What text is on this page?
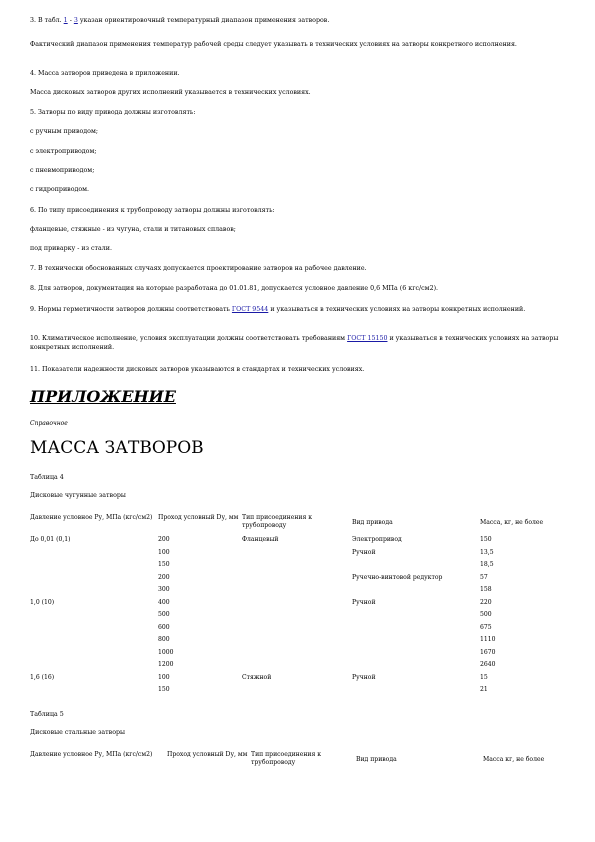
3. В табл. 1 - 3 указан ориентировочный температурный диапазон применения затворов.
Фактический диапазон применения температур рабочей среды следует указывать в технических условиях на затворы конкретного исполнения.
4. Масса затворов приведена в приложении.
Масса дисковых затворов других исполнений указывается в технических условиях.
5. Затворы по виду привода должны изготовлять:
с ручным приводом;
с электроприводом;
с пневмоприводом;
с гидроприводом.
6. По типу присоединения к трубопроводу затворы должны изготовлять:
фланцевые, стяжные - из чугуна, стали и титановых сплавов;
под приварку - из стали.
7. В технически обоснованных случаях допускается проектирование затворов на рабочее давление.
8. Для затворов, документация на которые разработана до 01.01.81, допускается условное давление 0,6 МПа (6 кгс/см2).
9. Нормы герметичности затворов должны соответствовать ГОСТ 9544 и указываться в технических условиях на затворы конкретных исполнений.
10. Климатическое исполнение, условия эксплуатации должны соответствовать требованиям ГОСТ 15150 и указываться в технических условиях на затворы конкретных исполнений.
11. Показатели надежности дисковых затворов указываются в стандартах и технических условиях.
ПРИЛОЖЕНИЕ
Справочное
МАССА ЗАТВОРОВ
Таблица 4
Дисковые чугунные затворы
Давление условное Ру, МПа (кгс/см2)	Проход условный Dу, мм	Тип присоединения к трубопроводу	Вид привода	Масса, кг, не более
До 0,01 (0,1)	200	Фланцевый	Электропривод	150
	100		Ручной	13,5
	150			18,5
	200		Ручечно-винтовой редуктор	57
	300			158
1,0 (10)	400		Ручной	220
	500			500
	600			675
	800			1110
	1000			1670
	1200			2640
1,6 (16)	100	Стяжной	Ручной	15
	150			21
Таблица 5
Дисковые стальные затворы
Давление условное Ру, МПа (кгс/см2)	Проход условный Dу, мм	Тип присоединения к трубопроводу	Вид привода	Масса кг, не более
